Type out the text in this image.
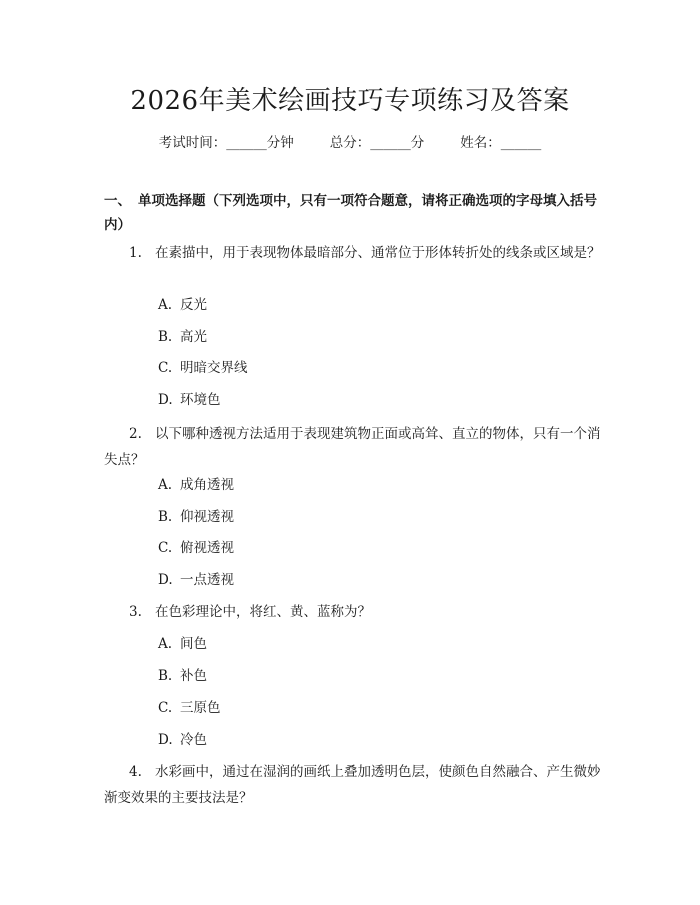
2026年美术绘画技巧专项练习及答案
考试时间：______分钟	总分：______分	姓名：______
一、 单项选择题（下列选项中，只有一项符合题意，请将正确选项的字母填入括号内）
1. 在素描中，用于表现物体最暗部分、通常位于形体转折处的线条或区域是？
A. 反光
B. 高光
C. 明暗交界线
D. 环境色
2. 以下哪种透视方法适用于表现建筑物正面或高耸、直立的物体，只有一个消失点？
A. 成角透视
B. 仰视透视
C. 俯视透视
D. 一点透视
3. 在色彩理论中，将红、黄、蓝称为？
A. 间色
B. 补色
C. 三原色
D. 冷色
4. 水彩画中，通过在湿润的画纸上叠加透明色层，使颜色自然融合、产生微妙渐变效果的主要技法是？
